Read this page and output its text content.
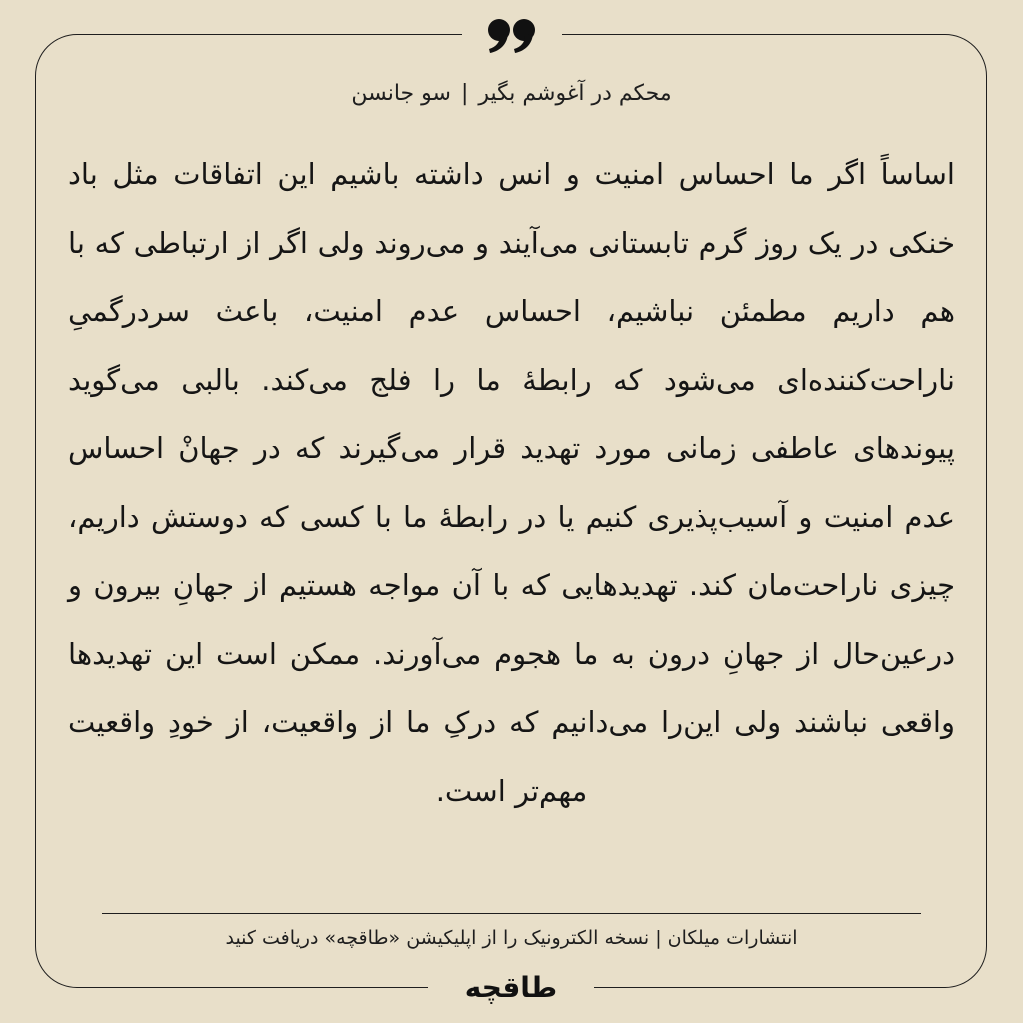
محکم در آغوشم بگیر|سو جانسن
اساساً اگر ما احساس امنیت و انس داشته باشیم این اتفاقات مثل باد خنکی در یک روز گرم تابستانی می‌آیند و می‌روند ولی اگر از ارتباطی که با هم داریم مطمئن نباشیم، احساس عدم امنیت، باعث سردرگمیِ ناراحت‌کننده‌ای می‌شود که رابطهٔ ما را فلج می‌کند. بالبی می‌گوید پیوندهای عاطفی زمانی مورد تهدید قرار می‌گیرند که در جهانْ احساس عدم امنیت و آسیب‌پذیری کنیم یا در رابطهٔ ما با کسی که دوستش داریم، چیزی ناراحت‌مان کند. تهدیدهایی که با آن مواجه هستیم از جهانِ بیرون و درعین‌حال از جهانِ درون به ما هجوم می‌آورند. ممکن است این تهدیدها واقعی نباشند ولی این‌را می‌دانیم که درکِ ما از واقعیت، از خودِ واقعیت مهم‌تر است.
انتشارات میلکان | نسخه الکترونیک را از اپلیکیشن «طاقچه» دریافت کنید
طاقچه
